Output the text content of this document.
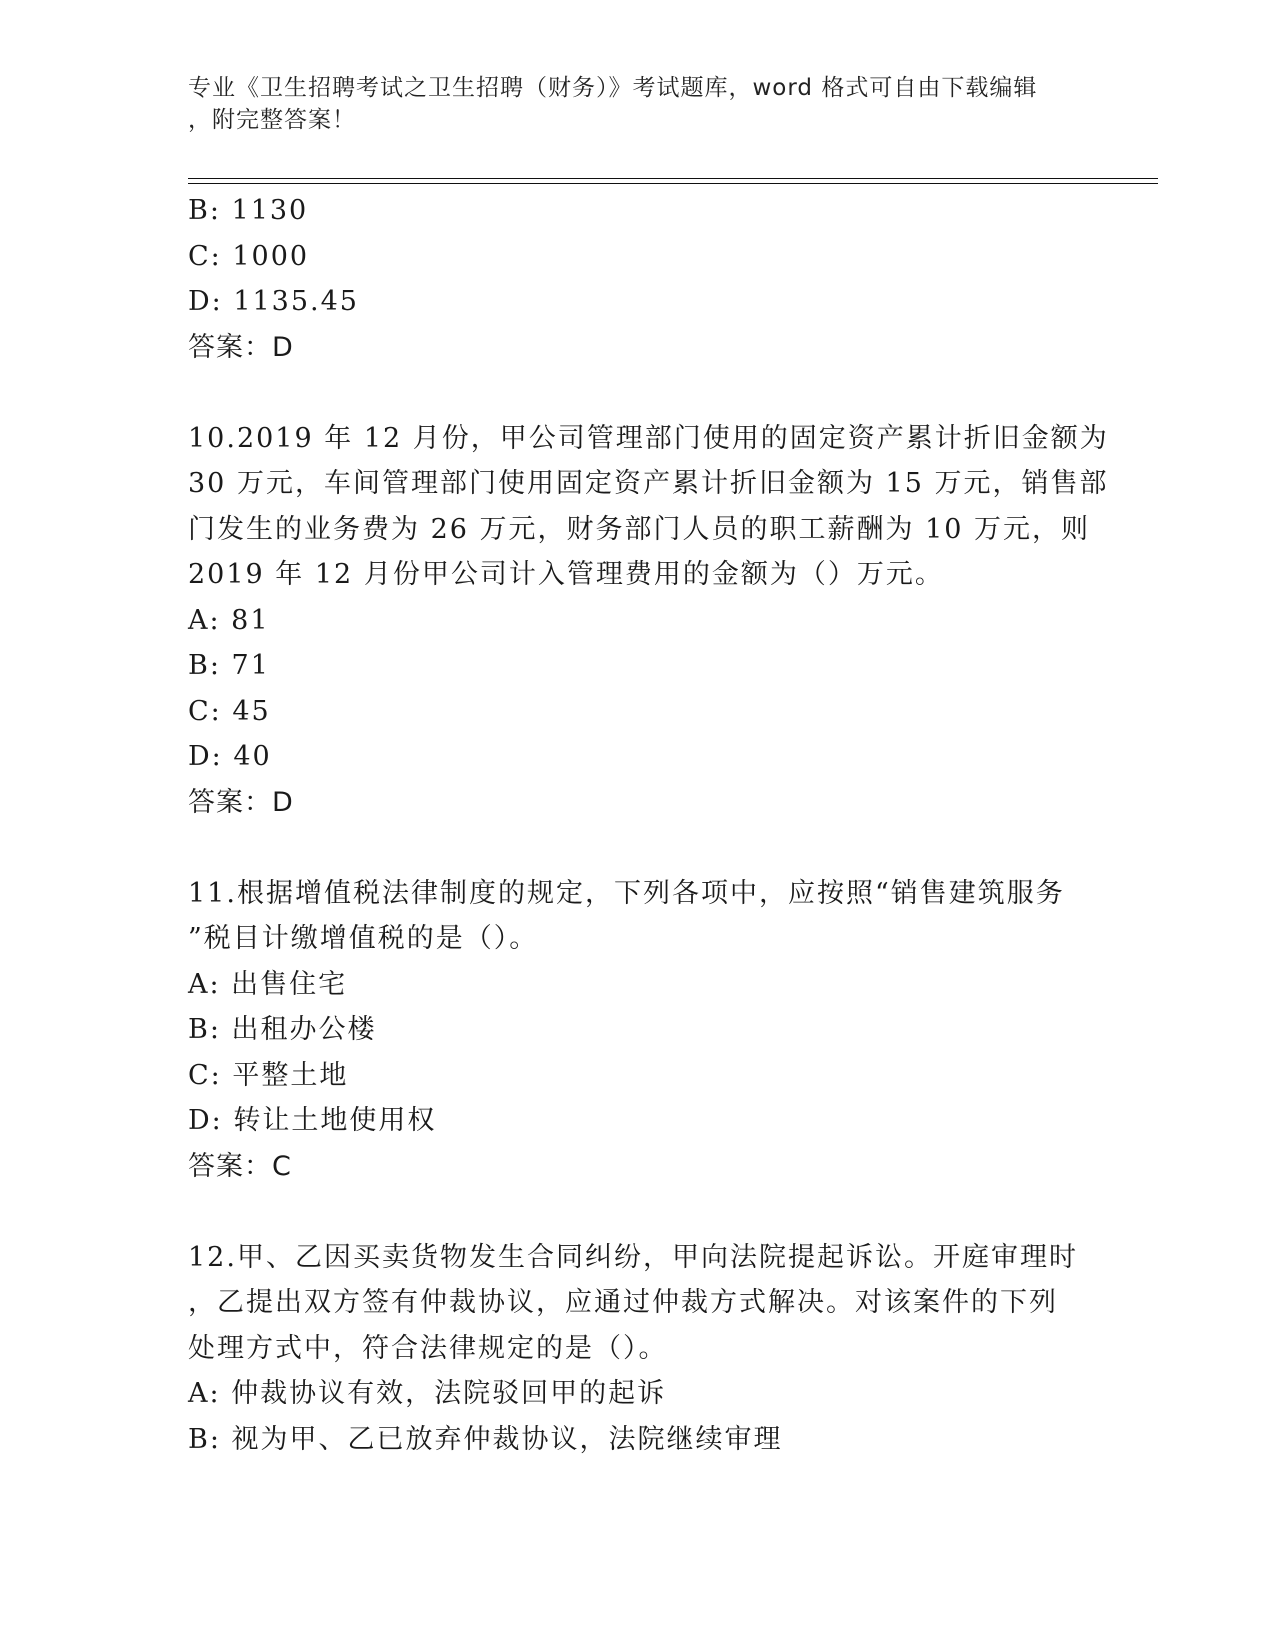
专业《卫生招聘考试之卫生招聘（财务）》考试题库，word 格式可自由下载编辑
，附完整答案！
B: 1130
C: 1000
D: 1135.45
答案：D
10.2019 年 12 月份，甲公司管理部门使用的固定资产累计折旧金额为
30 万元，车间管理部门使用固定资产累计折旧金额为 15 万元，销售部
门发生的业务费为 26 万元，财务部门人员的职工薪酬为 10 万元，则
2019 年 12 月份甲公司计入管理费用的金额为（）万元。
A: 81
B: 71
C: 45
D: 40
答案：D
11.根据增值税法律制度的规定，下列各项中，应按照“销售建筑服务
”税目计缴增值税的是（）。
A: 出售住宅
B: 出租办公楼
C: 平整土地
D: 转让土地使用权
答案：C
12.甲、乙因买卖货物发生合同纠纷，甲向法院提起诉讼。开庭审理时
，乙提出双方签有仲裁协议，应通过仲裁方式解决。对该案件的下列
处理方式中，符合法律规定的是（）。
A: 仲裁协议有效，法院驳回甲的起诉
B: 视为甲、乙已放弃仲裁协议，法院继续审理
